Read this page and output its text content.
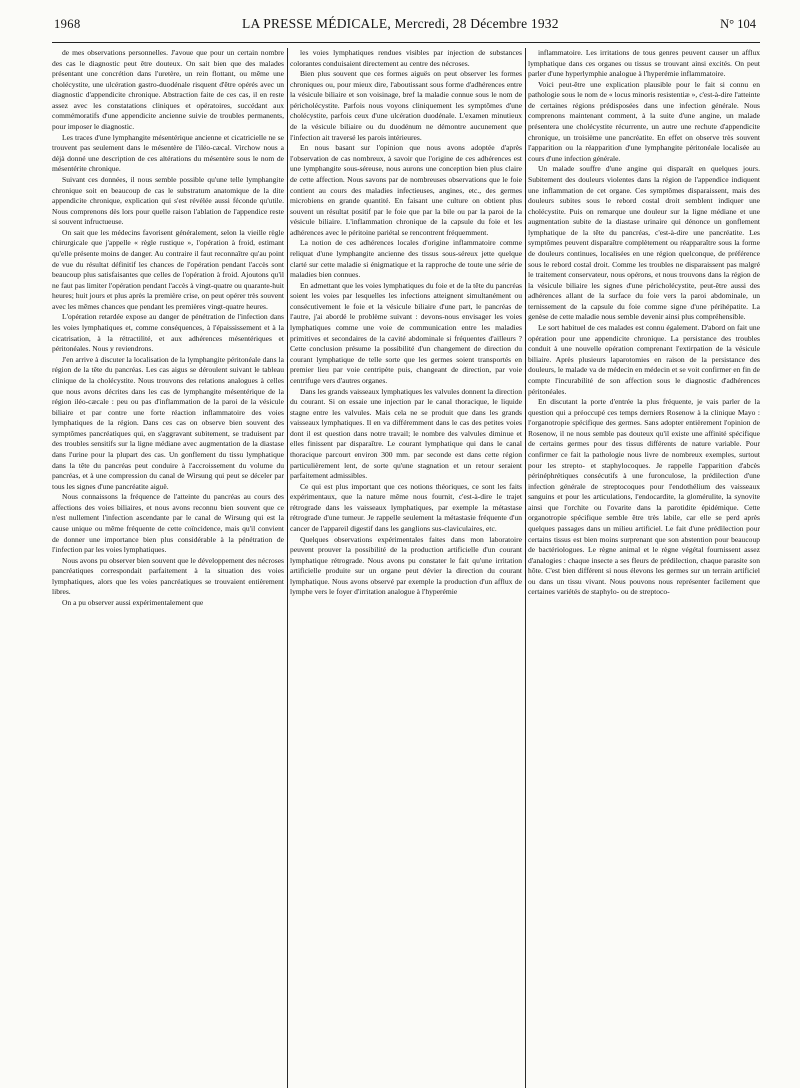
1968	LA PRESSE MÉDICALE, Mercredi, 28 Décembre 1932	N° 104

de mes observations personnelles. J'avoue que pour un certain nombre des cas le diagnostic peut être douteux. On sait bien que des malades présentant une concrétion dans l'uretère, un rein flottant, ou même une cholécystite, une ulcération gastro-duodénale risquent d'être opérés avec un diagnostic d'appendicite chronique. Abstraction faite de ces cas, il en reste assez avec les constatations cliniques et opératoires, succédant aux commémoratifs d'une appendicite ancienne suivie de troubles permanents, pour imposer le diagnostic.

Les traces d'une lymphangite mésentérique ancienne et cicatricielle ne se trouvent pas seulement dans le mésentère de l'iléo-cæcal. Virchow nous a déjà donné une description de ces altérations du mésentère sous le nom de mésentérite chronique.

Suivant ces données, il nous semble possible qu'une telle lymphangite chronique soit en beaucoup de cas le substratum anatomique de la dite appendicite chronique, explication qui s'est révélée aussi féconde qu'utile. Nous comprenons dès lors pour quelle raison l'ablation de l'appendice reste si souvent infructueuse.

On sait que les médecins favorisent généralement, selon la vieille règle chirurgicale que j'appelle « règle rustique », l'opération à froid, estimant qu'elle présente moins de danger. Au contraire il faut reconnaître qu'au point de vue du résultat définitif les chances de l'opération pendant l'accès sont beaucoup plus satisfaisantes que celles de l'opération à froid. Ajoutons qu'il ne faut pas limiter l'opération pendant l'accès à vingt-quatre ou quarante-huit heures; huit jours et plus après la première crise, on peut opérer très souvent avec les mêmes chances que pendant les premières vingt-quatre heures.

L'opération retardée expose au danger de pénétration de l'infection dans les voies lymphatiques et, comme conséquences, à l'épaississement et à la cicatrisation, à la rétractilité, et aux adhérences mésentériques et péritonéales. Nous y reviendrons.

J'en arrive à discuter la localisation de la lymphangite péritonéale dans la région de la tête du pancréas. Les cas aigus se déroulent suivant le tableau clinique de la cholécystite. Nous trouvons des relations analogues à celles que nous avons décrites dans les cas de lymphangite mésentérique de la région iléo-cæcale : peu ou pas d'inflammation de la paroi de la vésicule biliaire et par contre une forte réaction inflammatoire des voies lymphatiques de la région. Dans ces cas on observe bien souvent des symptômes pancréatiques qui, en s'aggravant subitement, se traduisent par des troubles sensitifs sur la ligne médiane avec augmentation de la diastase dans l'urine pour la plupart des cas. Un gonflement du tissu lymphatique dans la tête du pancréas peut conduire à l'accroissement du volume du pancréas, et à une compression du canal de Wirsung qui peut se déceler par tous les signes d'une pancréatite aiguë.

Nous connaissons la fréquence de l'atteinte du pancréas au cours des affections des voies biliaires, et nous avons reconnu bien souvent que ce n'est nullement l'infection ascendante par le canal de Wirsung qui est la cause unique ou même fréquente de cette coïncidence, mais qu'il convient de donner une importance bien plus considérable à la pénétration de l'infection par les voies lymphatiques.

Nous avons pu observer bien souvent que le développement des nécroses pancréatiques correspondait parfaitement à la situation des voies lymphatiques, alors que les voies pancréatiques se trouvaient entièrement libres.

On a pu observer aussi expérimentalement que

les voies lymphatiques rendues visibles par injection de substances colorantes conduisaient directement au centre des nécroses.

Bien plus souvent que ces formes aiguës on peut observer les formes chroniques ou, pour mieux dire, l'aboutissant sous forme d'adhérences entre la vésicule biliaire et son voisinage, bref la maladie connue sous le nom de péricholécystite. Parfois nous voyons cliniquement les symptômes d'une cholécystite, parfois ceux d'une ulcération duodénale. L'examen minutieux de la vésicule biliaire ou du duodénum ne démontre aucunement que l'infection ait traversé les parois intérieures.

En nous basant sur l'opinion que nous avons adoptée d'après l'observation de cas nombreux, à savoir que l'origine de ces adhérences est une lymphangite sous-séreuse, nous aurons une conception bien plus claire de cette affection. Nous savons par de nombreuses observations que le foie contient au cours des maladies infectieuses, angines, etc., des germes microbiens en grande quantité. En faisant une culture on obtient plus souvent un résultat positif par le foie que par la bile ou par la paroi de la vésicule biliaire. L'inflammation chronique de la capsule du foie et les adhérences avec le péritoine pariétal se rencontrent fréquemment.

La notion de ces adhérences locales d'origine inflammatoire comme reliquat d'une lymphangite ancienne des tissus sous-séreux jette quelque clarté sur cette maladie si énigmatique et la rapproche de toute une série de maladies bien connues.

En admettant que les voies lymphatiques du foie et de la tête du pancréas soient les voies par lesquelles les infections atteignent simultanément ou consécutivement le foie et la vésicule biliaire d'une part, le pancréas de l'autre, j'ai abordé le problème suivant : devons-nous envisager les voies lymphatiques comme une voie de communication entre les maladies primitives et secondaires de la cavité abdominale si fréquentes d'ailleurs ? Cette conclusion présume la possibilité d'un changement de direction du courant lymphatique de telle sorte que les germes soient transportés en premier lieu par voie centripète puis, changeant de direction, par voie centrifuge vers d'autres organes.

Dans les grands vaisseaux lymphatiques les valvules donnent la direction du courant. Si on essaie une injection par le canal thoracique, le liquide stagne entre les valvules. Mais cela ne se produit que dans les grands vaisseaux lymphatiques. Il en va différemment dans le cas des petites voies dont il est question dans notre travail; le nombre des valvules diminue et elles finissent par disparaître. Le courant lymphatique qui dans le canal thoracique parcourt environ 300 mm. par seconde est dans cette région particulièrement lent, de sorte qu'une stagnation et un retour seraient parfaitement admissibles.

Ce qui est plus important que ces notions théoriques, ce sont les faits expérimentaux, que la nature même nous fournit, c'est-à-dire le trajet rétrograde dans les vaisseaux lymphatiques, par exemple la métastase rétrograde d'une tumeur. Je rappelle seulement la métastasie fréquente d'un cancer de l'appareil digestif dans les ganglions sus-claviculaires, etc.

Quelques observations expérimentales faites dans mon laboratoire peuvent prouver la possibilité de la production artificielle d'un courant lymphatique rétrograde. Nous avons pu constater le fait qu'une irritation artificielle produite sur un organe peut dévier la direction du courant lymphatique. Nous avons observé par exemple la production d'un afflux de lymphe vers le foyer d'irritation analogue à l'hyperémie

inflammatoire. Les irritations de tous genres peuvent causer un afflux lymphatique dans ces organes ou tissus se trouvant ainsi excités. On peut parler d'une hyperlymphie analogue à l'hyperémie inflammatoire.

Voici peut-être une explication plausible pour le fait si connu en pathologie sous le nom de « locus minoris resistentiæ », c'est-à-dire l'atteinte de certaines régions prédisposées dans une infection générale. Nous comprenons maintenant comment, à la suite d'une angine, un malade présentera une cholécystite récurrente, un autre une rechute d'appendicite chronique, un troisième une pancréatite. En effet on observe très souvent l'apparition ou la réapparition d'une lymphangite péritonéale localisée au cours d'une infection générale.

Un malade souffre d'une angine qui disparaît en quelques jours. Subitement des douleurs violentes dans la région de l'appendice indiquent une inflammation de cet organe. Ces symptômes disparaissent, mais des douleurs subites sous le rebord costal droit semblent indiquer une cholécystite. Puis on remarque une douleur sur la ligne médiane et une augmentation subite de la diastase urinaire qui dénonce un gonflement lymphatique de la tête du pancréas, c'est-à-dire une pancréatite. Les symptômes peuvent disparaître complètement ou réapparaître sous la forme de douleurs continues, localisées en une région quelconque, de préférence sous le rebord costal droit. Comme les troubles ne disparaissent pas malgré le traitement conservateur, nous opérons, et nous trouvons dans la région de la vésicule biliaire les signes d'une péricholécystite, peut-être aussi des adhérences allant de la surface du foie vers la paroi abdominale, un ternissement de la capsule du foie comme signe d'une périhépatite. La genèse de cette maladie nous semble devenir ainsi plus compréhensible.

Le sort habituel de ces malades est connu également. D'abord on fait une opération pour une appendicite chronique. La persistance des troubles conduit à une nouvelle opération comprenant l'extirpation de la vésicule biliaire. Après plusieurs laparotomies en raison de la persistance des douleurs, le malade va de médecin en médecin et se voit confirmer en fin de compte l'incurabilité de son affection sous le diagnostic d'adhérences péritonéales.

En discutant la porte d'entrée la plus fréquente, je vais parler de la question qui a préoccupé ces temps derniers Rosenow à la clinique Mayo : l'organotropie spécifique des germes. Sans adopter entièrement l'opinion de Rosenow, il ne nous semble pas douteux qu'il existe une affinité spécifique de certains germes pour des tissus différents de nature variable. Pour confirmer ce fait la pathologie nous livre de nombreux exemples, surtout pour les strepto- et staphylocoques. Je rappelle l'apparition d'abcès périnéphrétiques consécutifs à une furonculose, la prédilection d'une infection générale de streptocoques pour l'endothélium des vaisseaux sanguins et pour les articulations, l'endocardite, la glomérulite, la synovite ainsi que l'orchite ou l'ovarite dans la parotidite épidémique. Cette organotropie spécifique semble être très labile, car elle se perd après quelques passages dans un milieu artificiel. Le fait d'une prédilection pour certains tissus est bien moins surprenant que son abstention pour beaucoup de bactériologues. Le règne animal et le règne végétal fournissent assez d'analogies : chaque insecte a ses fleurs de prédilection, chaque parasite son hôte. C'est bien différent si nous élevons les germes sur un terrain artificiel ou dans un tissu vivant. Nous pouvons nous représenter facilement que certaines variétés de staphylo- ou de streptoco-
